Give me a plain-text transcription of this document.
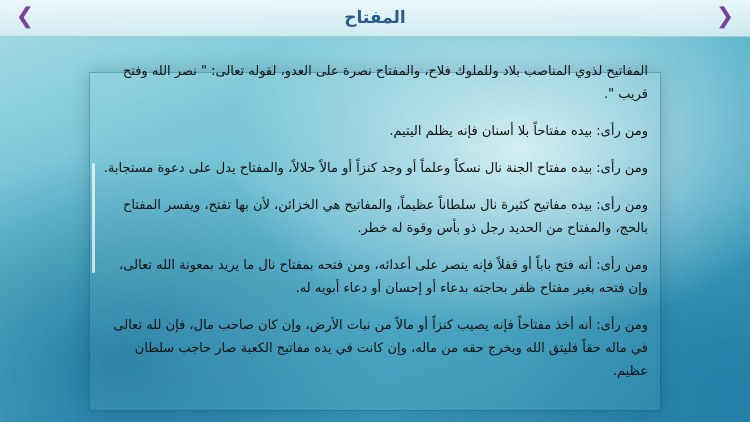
❮	المفتاح	❯

المفاتيح لذوي المناصب بلاد وللملوك فلاح، والمفتاح نصرة على العدو، لقوله تعالى: " نصر الله وفتح قريب ".

ومن رأى: بيده مفتاحاً بلا أسنان فإنه يظلم اليتيم.

ومن رأى: بيده مفتاح الجنة نال نسكاً وعلماً أو وجد كنزاً أو مالاً حلالاً، والمفتاح يدل على دعوة مستجابة.

ومن رأى: بيده مفاتيح كثيرة نال سلطاناً عظيماً، والمفاتيح هي الخزائن، لأن بها تفتح، ويفسر المفتاح بالحج، والمفتاح من الحديد رجل ذو بأس وقوة له خطر.

ومن رأى: أنه فتح باباً أو قفلاً فإنه ينصر على أعدائه، ومن فتحه بمفتاح نال ما يريد بمعونة الله تعالى، وإن فتحه بغير مفتاح ظفر بحاجته بدعاء أو إحسان أو دعاء أبويه له.

ومن رأى: أنه أخذ مفتاحاً فإنه يصيب كنزاً أو مالاً من نبات الأرض، وإن كان صاحب مال، فإن لله تعالى في ماله حقاً فليتق الله ويخرج حقه من ماله، وإن كانت في يده مفاتيح الكعبة صار حاجب سلطان عظيم.
